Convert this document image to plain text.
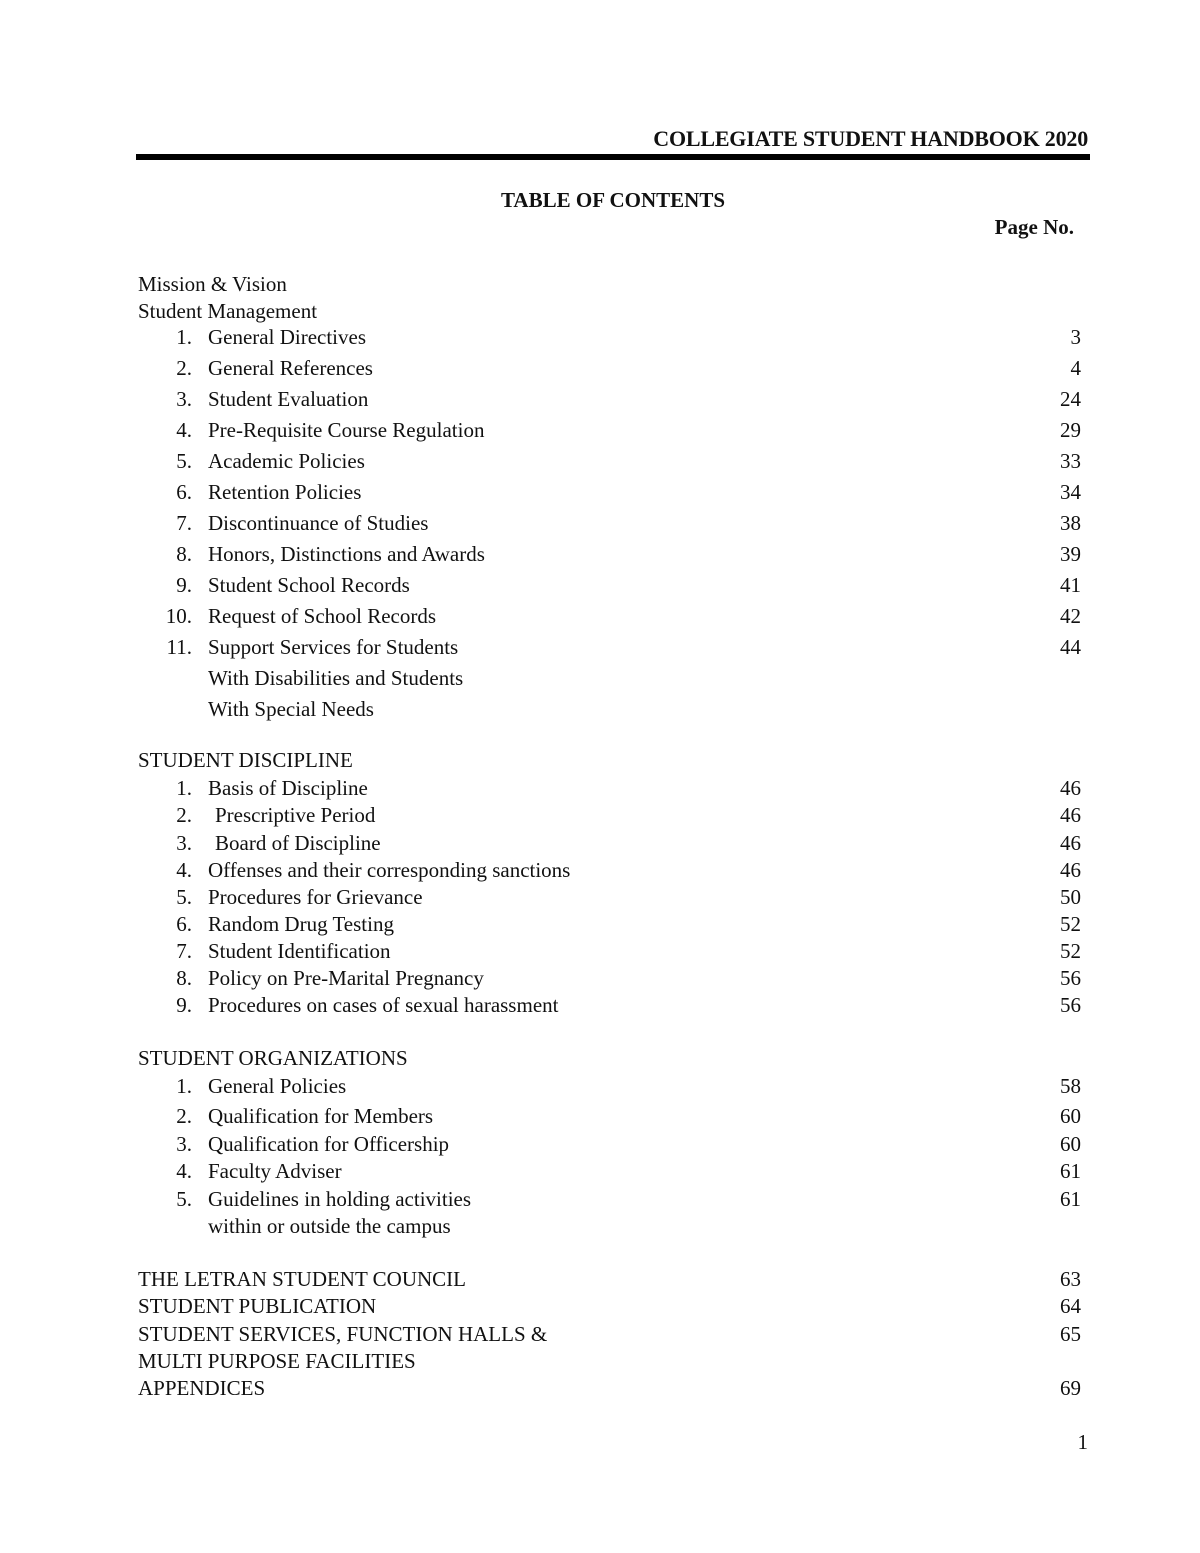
COLLEGIATE STUDENT HANDBOOK 2020
TABLE OF CONTENTS
Page No.
Mission & Vision
Student Management
1. General Directives	3
2. General References	4
3. Student Evaluation	24
4. Pre-Requisite Course Regulation	29
5. Academic Policies	33
6. Retention Policies	34
7. Discontinuance of Studies	38
8. Honors, Distinctions and Awards	39
9. Student School Records	41
10. Request of School Records	42
11. Support Services for Students	44
With Disabilities and Students
With Special Needs
STUDENT DISCIPLINE
1. Basis of Discipline	46
2. Prescriptive Period	46
3. Board of Discipline	46
4. Offenses and their corresponding sanctions	46
5. Procedures for Grievance	50
6. Random Drug Testing	52
7. Student Identification	52
8. Policy on Pre-Marital Pregnancy	56
9. Procedures on cases of sexual harassment	56
STUDENT ORGANIZATIONS
1. General Policies	58
2. Qualification for Members	60
3. Qualification for Officership	60
4. Faculty Adviser	61
5. Guidelines in holding activities	61
within or outside the campus
THE LETRAN STUDENT COUNCIL	63
STUDENT PUBLICATION	64
STUDENT SERVICES, FUNCTION HALLS &	65
MULTI PURPOSE FACILITIES
APPENDICES	69
1
